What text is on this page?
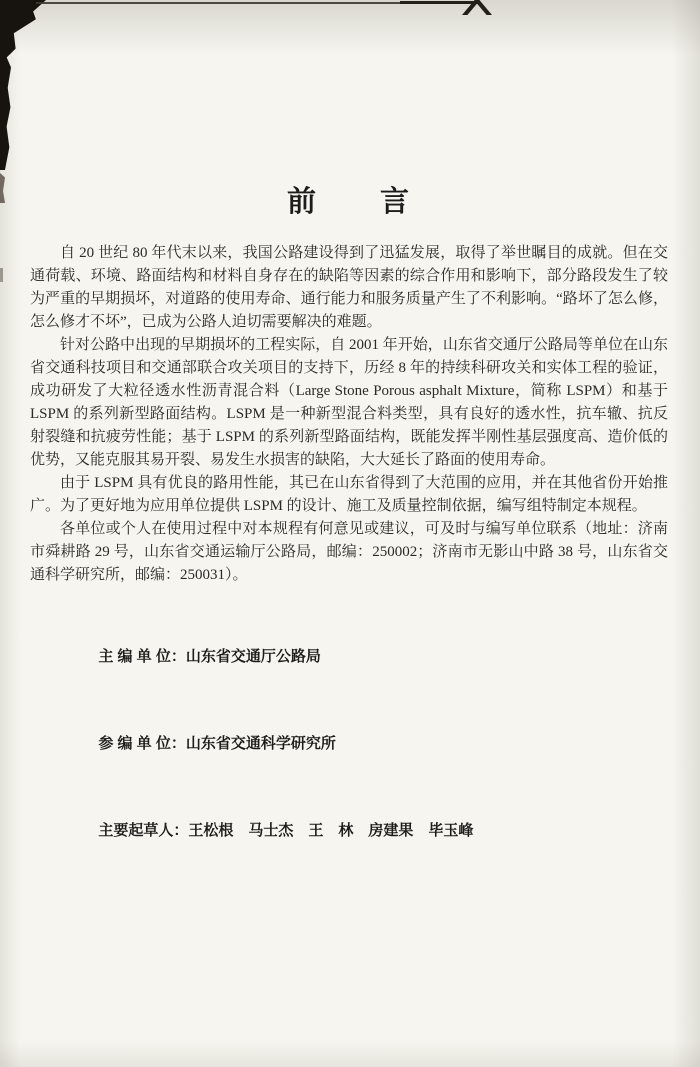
前　　言

自 20 世纪 80 年代末以来，我国公路建设得到了迅猛发展，取得了举世瞩目的成就。但在交通荷载、环境、路面结构和材料自身存在的缺陷等因素的综合作用和影响下，部分路段发生了较为严重的早期损坏，对道路的使用寿命、通行能力和服务质量产生了不利影响。“路坏了怎么修，怎么修才不坏”，已成为公路人迫切需要解决的难题。

针对公路中出现的早期损坏的工程实际，自 2001 年开始，山东省交通厅公路局等单位在山东省交通科技项目和交通部联合攻关项目的支持下，历经 8 年的持续科研攻关和实体工程的验证，成功研发了大粒径透水性沥青混合料（Large Stone Porous asphalt Mixture，简称 LSPM）和基于 LSPM 的系列新型路面结构。LSPM 是一种新型混合料类型，具有良好的透水性，抗车辙、抗反射裂缝和抗疲劳性能；基于 LSPM 的系列新型路面结构，既能发挥半刚性基层强度高、造价低的优势，又能克服其易开裂、易发生水损害的缺陷，大大延长了路面的使用寿命。

由于 LSPM 具有优良的路用性能，其已在山东省得到了大范围的应用，并在其他省份开始推广。为了更好地为应用单位提供 LSPM 的设计、施工及质量控制依据，编写组特制定本规程。

各单位或个人在使用过程中对本规程有何意见或建议，可及时与编写单位联系（地址：济南市舜耕路 29 号，山东省交通运输厅公路局，邮编：250002；济南市无影山中路 38 号，山东省交通科学研究所，邮编：250031）。

主 编 单 位：山东省交通厅公路局

参 编 单 位：山东省交通科学研究所

主要起草人：王松根　马士杰　王　林　房建果　毕玉峰
